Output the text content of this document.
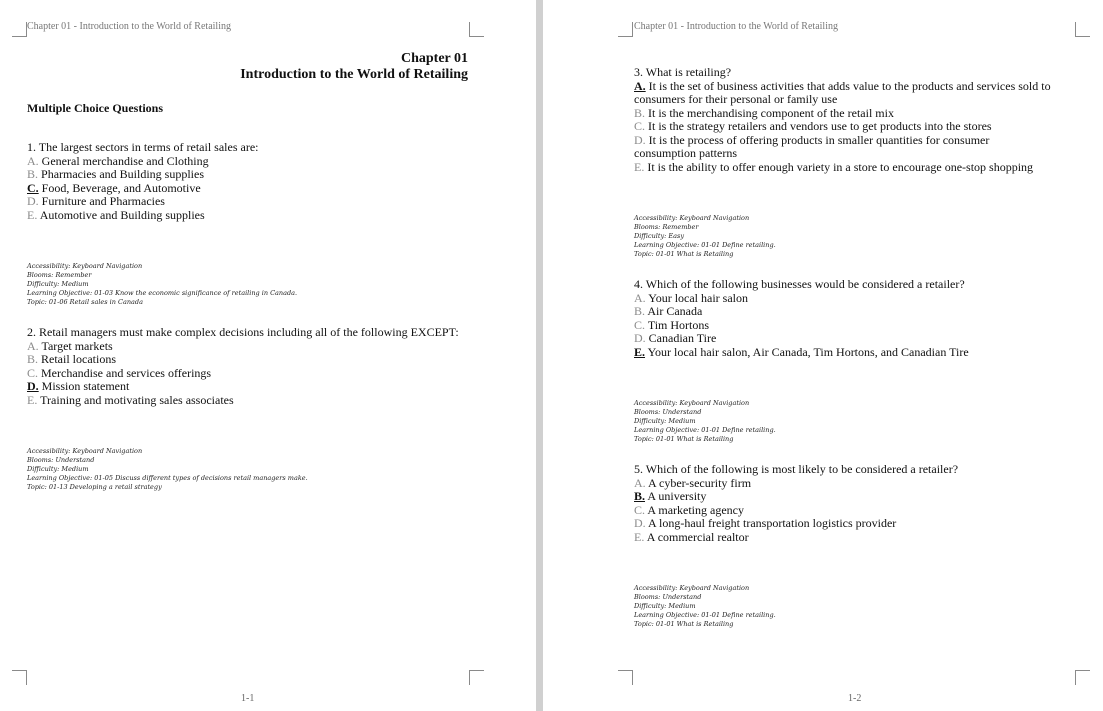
Chapter 01 - Introduction to the World of Retailing
Chapter 01
Introduction to the World of Retailing
Multiple Choice Questions
1. The largest sectors in terms of retail sales are:
A. General merchandise and Clothing
B. Pharmacies and Building supplies
C. Food, Beverage, and Automotive
D. Furniture and Pharmacies
E. Automotive and Building supplies
Accessibility: Keyboard Navigation
Blooms: Remember
Difficulty: Medium
Learning Objective: 01-03 Know the economic significance of retailing in Canada.
Topic: 01-06 Retail sales in Canada
2. Retail managers must make complex decisions including all of the following EXCEPT:
A. Target markets
B. Retail locations
C. Merchandise and services offerings
D. Mission statement
E. Training and motivating sales associates
Accessibility: Keyboard Navigation
Blooms: Understand
Difficulty: Medium
Learning Objective: 01-05 Discuss different types of decisions retail managers make.
Topic: 01-13 Developing a retail strategy
1-1
Chapter 01 - Introduction to the World of Retailing
3. What is retailing?
A. It is the set of business activities that adds value to the products and services sold to consumers for their personal or family use
B. It is the merchandising component of the retail mix
C. It is the strategy retailers and vendors use to get products into the stores
D. It is the process of offering products in smaller quantities for consumer consumption patterns
E. It is the ability to offer enough variety in a store to encourage one-stop shopping
Accessibility: Keyboard Navigation
Blooms: Remember
Difficulty: Easy
Learning Objective: 01-01 Define retailing.
Topic: 01-01 What is Retailing
4. Which of the following businesses would be considered a retailer?
A. Your local hair salon
B. Air Canada
C. Tim Hortons
D. Canadian Tire
E. Your local hair salon, Air Canada, Tim Hortons, and Canadian Tire
Accessibility: Keyboard Navigation
Blooms: Understand
Difficulty: Medium
Learning Objective: 01-01 Define retailing.
Topic: 01-01 What is Retailing
5. Which of the following is most likely to be considered a retailer?
A. A cyber-security firm
B. A university
C. A marketing agency
D. A long-haul freight transportation logistics provider
E. A commercial realtor
Accessibility: Keyboard Navigation
Blooms: Understand
Difficulty: Medium
Learning Objective: 01-01 Define retailing.
Topic: 01-01 What is Retailing
1-2
